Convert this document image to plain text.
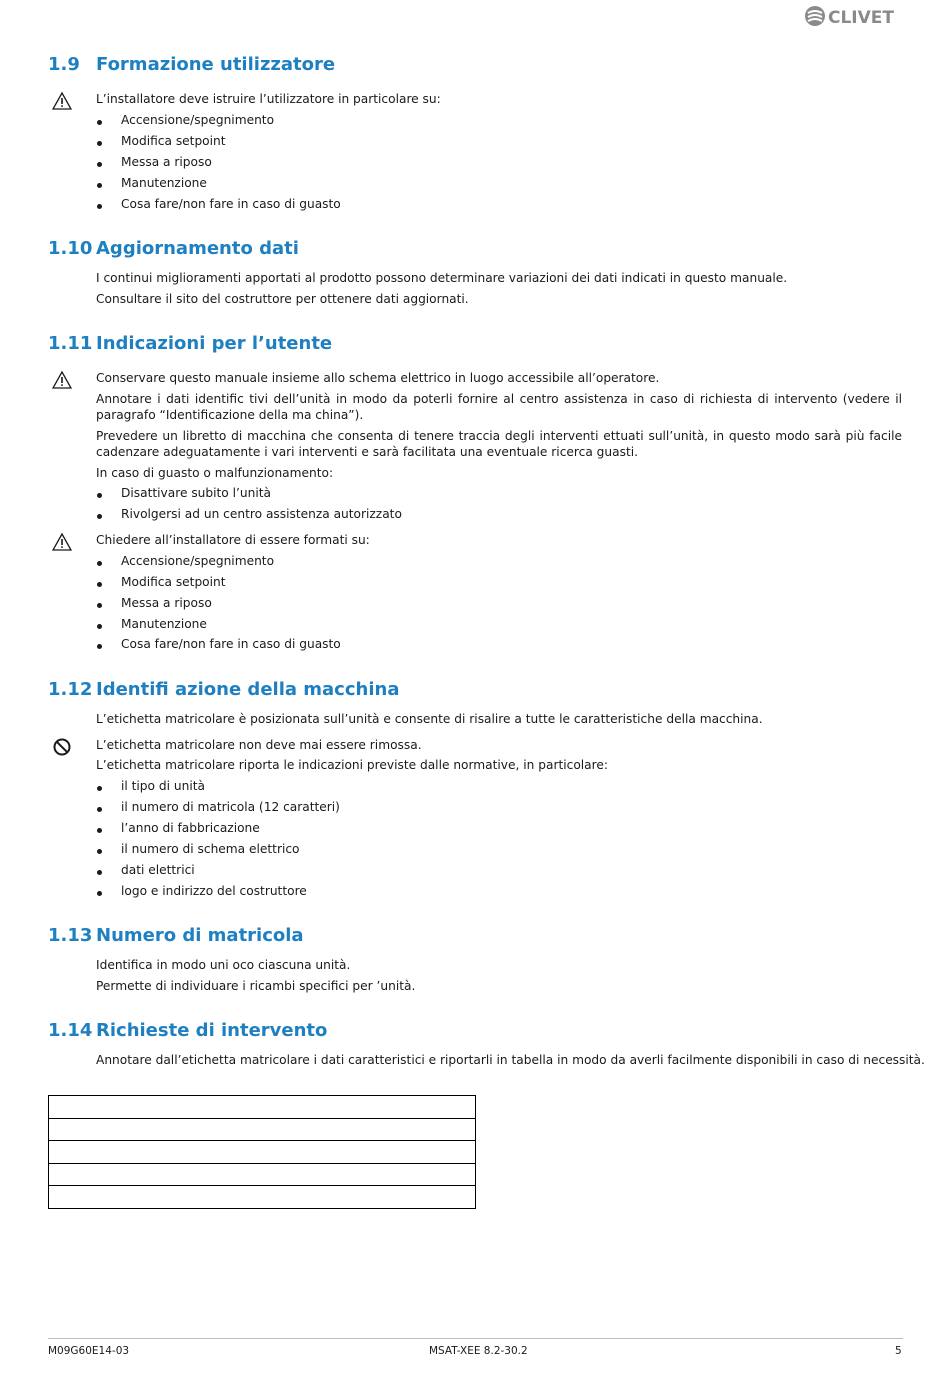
CLIVET
1.9 Formazione utilizzatore
L’installatore deve istruire l’utilizzatore in particolare su:
Accensione/spegnimento
Modifica setpoint
Messa a riposo
Manutenzione
Cosa fare/non fare in caso di guasto
1.10 Aggiornamento dati
I continui miglioramenti apportati al prodotto possono determinare variazioni dei dati indicati in questo manuale.
Consultare il sito del costruttore per ottenere dati aggiornati.
1.11 Indicazioni per l’utente
Conservare questo manuale insieme allo schema elettrico in luogo accessibile all’operatore.
Annotare i dati identific tivi dell’unità in modo da poterli fornire al centro assistenza in caso di richiesta di intervento (vedere il paragrafo “Identificazione della ma china”).
Prevedere un libretto di macchina che consenta di tenere traccia degli interventi ettuati sull’unità, in questo modo sarà più facile cadenzare adeguatamente i vari interventi e sarà facilitata una eventuale ricerca guasti.
In caso di guasto o malfunzionamento:
Disattivare subito l’unità
Rivolgersi ad un centro assistenza autorizzato
Chiedere all’installatore di essere formati su:
Accensione/spegnimento
Modifica setpoint
Messa a riposo
Manutenzione
Cosa fare/non fare in caso di guasto
1.12 Identifi azione della macchina
L’etichetta matricolare è posizionata sull’unità e consente di risalire a tutte le caratteristiche della macchina.
L’etichetta matricolare non deve mai essere rimossa.
L’etichetta matricolare riporta le indicazioni previste dalle normative, in particolare:
il tipo di unità
il numero di matricola (12 caratteri)
l’anno di fabbricazione
il numero di schema elettrico
dati elettrici
logo e indirizzo del costruttore
1.13 Numero di matricola
Identifica in modo uni oco ciascuna unità.
Permette di individuare i ricambi specifici per ’unità.
1.14 Richieste di intervento
Annotare dall’etichetta matricolare i dati caratteristici e riportarli in tabella in modo da averli facilmente disponibili in caso di necessità.

M09G60E14-03	MSAT-XEE 8.2-30.2	5
